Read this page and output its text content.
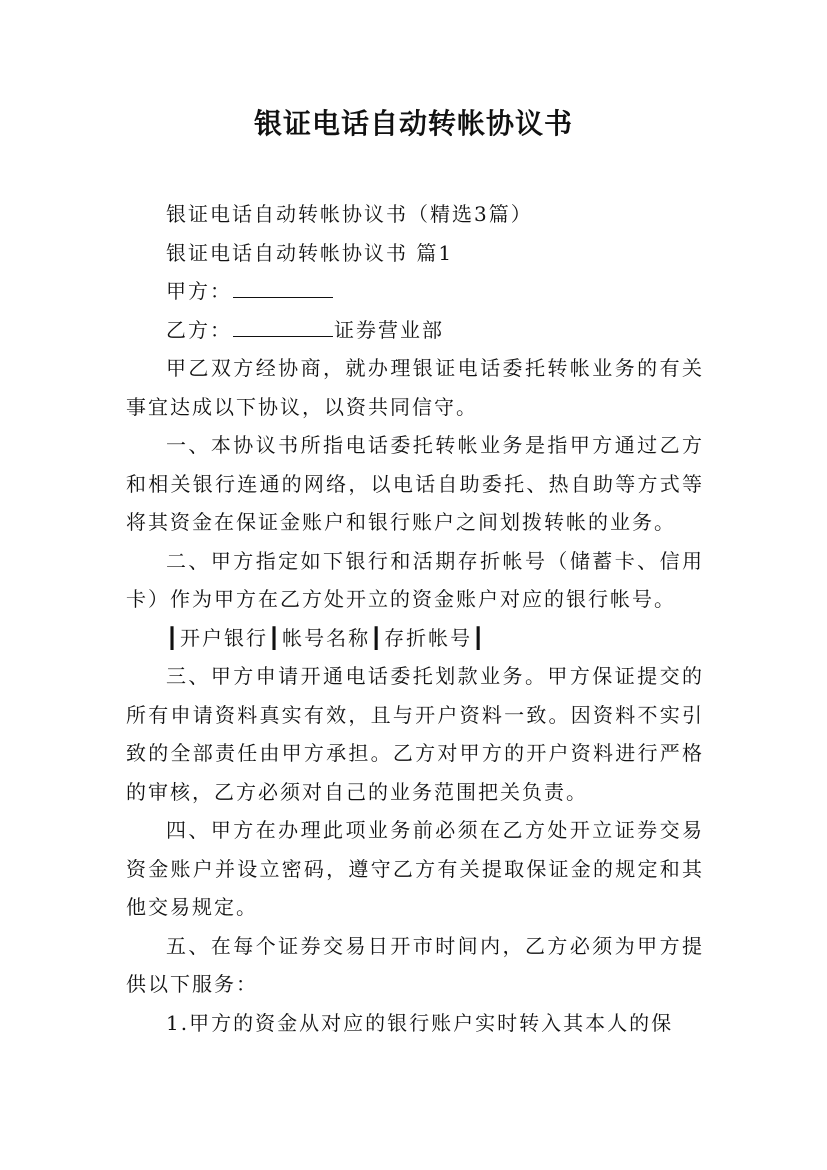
银证电话自动转帐协议书

银证电话自动转帐协议书（精选3篇）

银证电话自动转帐协议书 篇1

甲方：

乙方：	证券营业部

甲乙双方经协商，就办理银证电话委托转帐业务的有关事宜达成以下协议，以资共同信守。

一、本协议书所指电话委托转帐业务是指甲方通过乙方和相关银行连通的网络，以电话自助委托、热自助等方式等将其资金在保证金账户和银行账户之间划拨转帐的业务。

二、甲方指定如下银行和活期存折帐号（储蓄卡、信用卡）作为甲方在乙方处开立的资金账户对应的银行帐号。

┃开户银行┃帐号名称┃存折帐号┃

三、甲方申请开通电话委托划款业务。甲方保证提交的所有申请资料真实有效，且与开户资料一致。因资料不实引致的全部责任由甲方承担。乙方对甲方的开户资料进行严格的审核，乙方必须对自己的业务范围把关负责。

四、甲方在办理此项业务前必须在乙方处开立证券交易资金账户并设立密码，遵守乙方有关提取保证金的规定和其他交易规定。

五、在每个证券交易日开市时间内，乙方必须为甲方提供以下服务：

1.甲方的资金从对应的银行账户实时转入其本人的保
